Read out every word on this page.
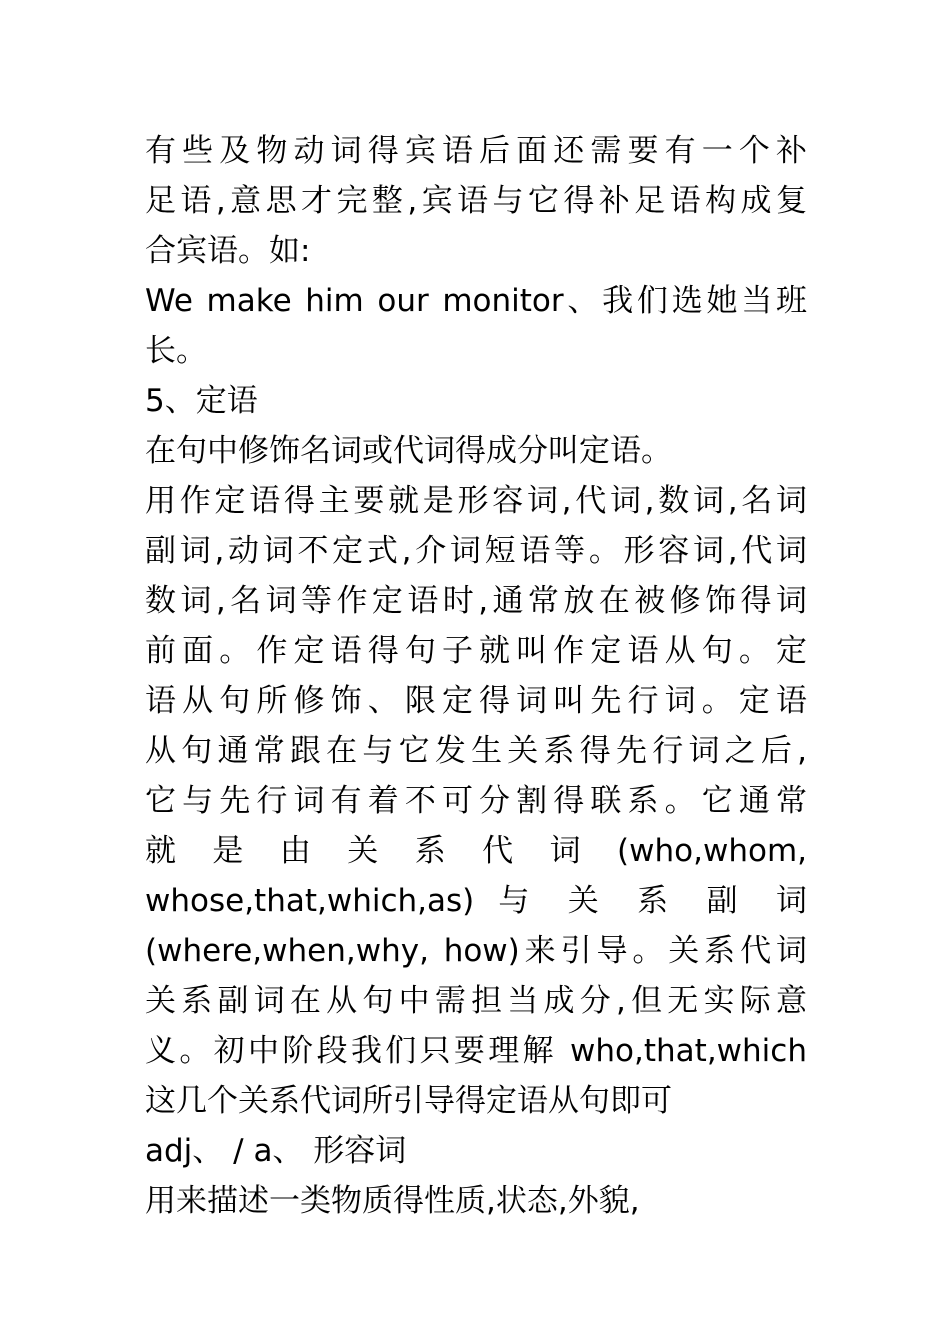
有些及物动词得宾语后面还需要有一个补
足语,意思才完整,宾语与它得补足语构成复
合宾语。如:
We make him our monitor、我们选她当班
长。
5、定语
在句中修饰名词或代词得成分叫定语。
用作定语得主要就是形容词,代词,数词,名词
副词,动词不定式,介词短语等。形容词,代词
数词,名词等作定语时,通常放在被修饰得词
前面。作定语得句子就叫作定语从句。定
语从句所修饰、限定得词叫先行词。定语
从句通常跟在与它发生关系得先行词之后,
它与先行词有着不可分割得联系。它通常
就 是 由 关 系 代 词 (who,whom,
whose,that,which,as) 与 关 系 副 词
(where,when,why, how)来引导。关系代词
关系副词在从句中需担当成分,但无实际意
义。初中阶段我们只要理解 who,that,which
这几个关系代词所引导得定语从句即可
adj、 / a、 形容词
用来描述一类物质得性质,状态,外貌,
